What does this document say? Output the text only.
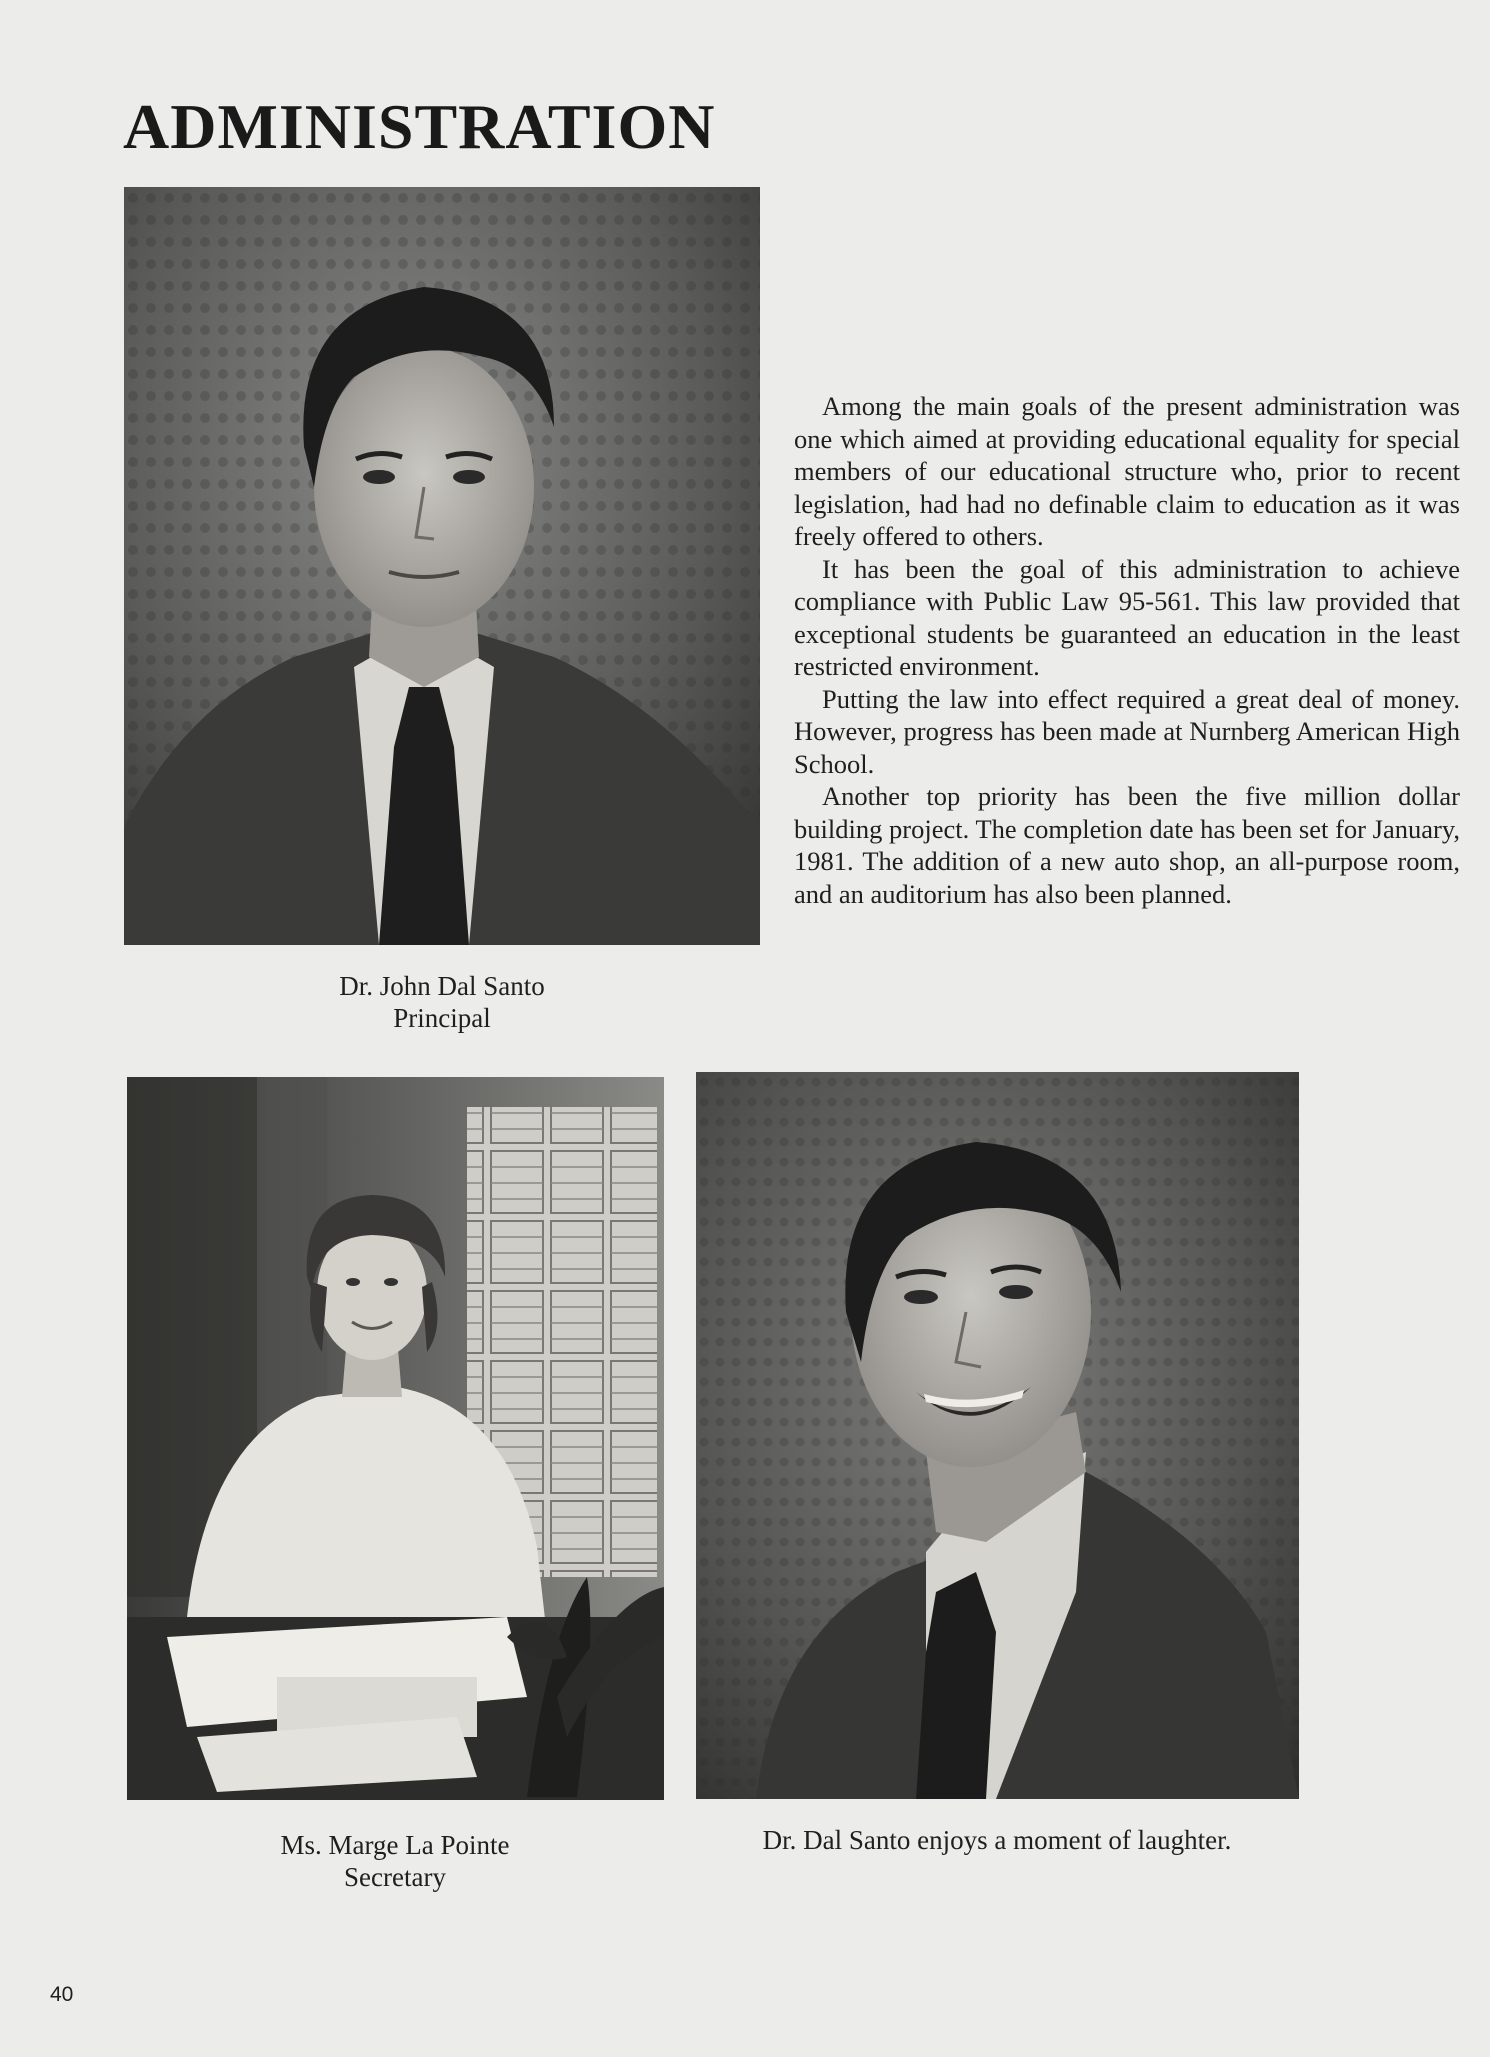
ADMINISTRATION
Dr. John Dal Santo
Principal

Among the main goals of the present administration was one which aimed at providing educational equality for special members of our educational structure who, prior to recent legislation, had had no definable claim to education as it was freely offered to others.

It has been the goal of this administration to achieve compliance with Public Law 95-561. This law provided that exceptional students be guaranteed an education in the least restricted environment.

Putting the law into effect required a great deal of money. However, progress has been made at Nurnberg American High School.

Another top priority has been the five million dollar building project. The completion date has been set for January, 1981. The addition of a new auto shop, an all-purpose room, and an auditorium has also been planned.

Ms. Marge La Pointe
Secretary
Dr. Dal Santo enjoys a moment of laughter.
40
